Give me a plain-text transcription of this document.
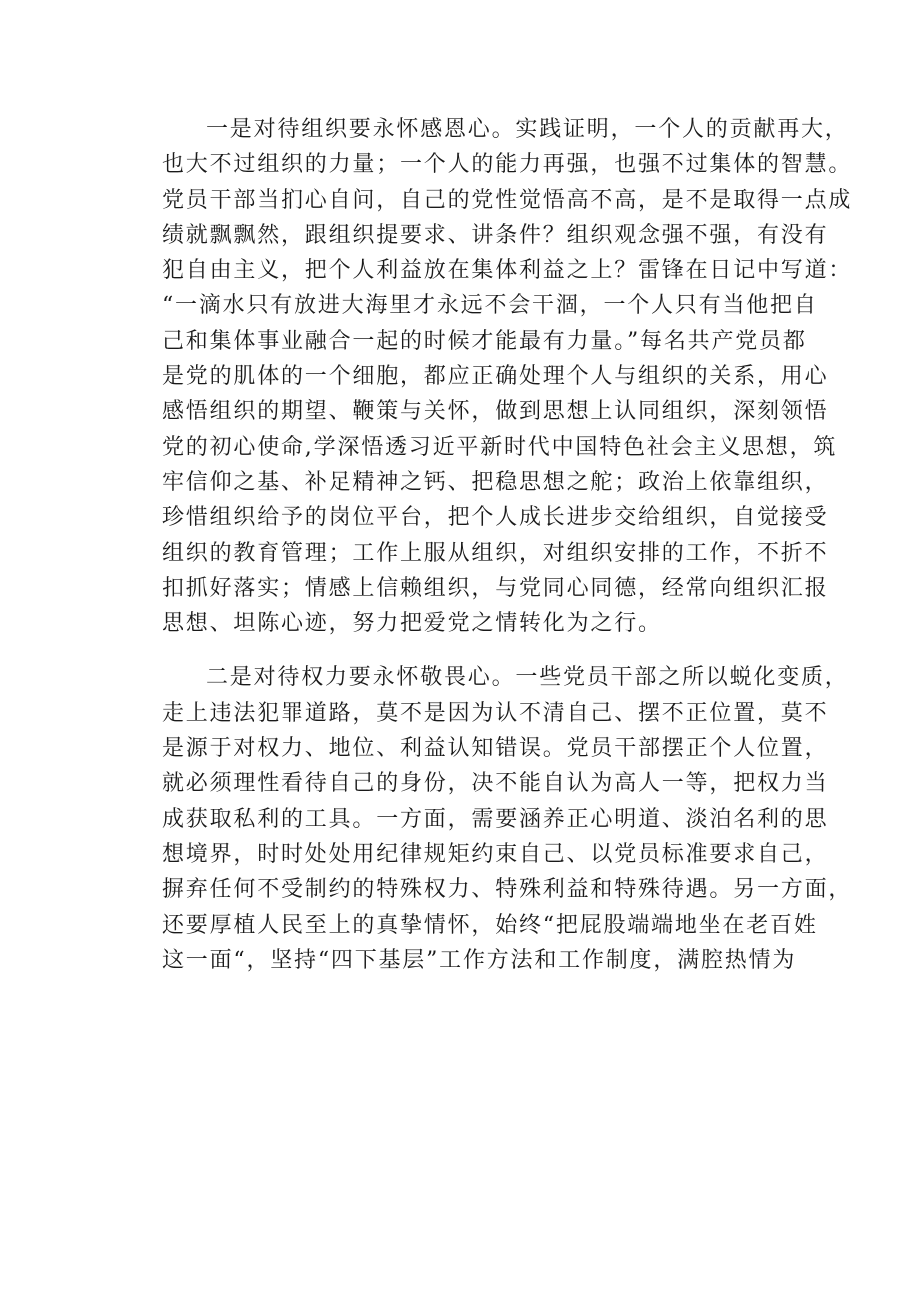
一是对待组织要永怀感恩心。实践证明，一个人的贡献再大，
也大不过组织的力量；一个人的能力再强，也强不过集体的智慧。
党员干部当扪心自问，自己的党性觉悟高不高，是不是取得一点成
绩就飘飘然，跟组织提要求、讲条件？组织观念强不强，有没有
犯自由主义，把个人利益放在集体利益之上？雷锋在日记中写道：
“一滴水只有放进大海里才永远不会干涸，一个人只有当他把自
己和集体事业融合一起的时候才能最有力量。”每名共产党员都
是党的肌体的一个细胞，都应正确处理个人与组织的关系，用心
感悟组织的期望、鞭策与关怀，做到思想上认同组织，深刻领悟
党的初心使命,学深悟透习近平新时代中国特色社会主义思想，筑
牢信仰之基、补足精神之钙、把稳思想之舵；政治上依靠组织，
珍惜组织给予的岗位平台，把个人成长进步交给组织，自觉接受
组织的教育管理；工作上服从组织，对组织安排的工作，不折不
扣抓好落实；情感上信赖组织，与党同心同德，经常向组织汇报
思想、坦陈心迹，努力把爱党之情转化为之行。

二是对待权力要永怀敬畏心。一些党员干部之所以蜕化变质，
走上违法犯罪道路，莫不是因为认不清自己、摆不正位置，莫不
是源于对权力、地位、利益认知错误。党员干部摆正个人位置，
就必须理性看待自己的身份，决不能自认为高人一等，把权力当
成获取私利的工具。一方面，需要涵养正心明道、淡泊名利的思
想境界，时时处处用纪律规矩约束自己、以党员标准要求自己，
摒弃任何不受制约的特殊权力、特殊利益和特殊待遇。另一方面，
还要厚植人民至上的真挚情怀，始终“把屁股端端地坐在老百姓
这一面“，坚持“四下基层”工作方法和工作制度，满腔热情为
